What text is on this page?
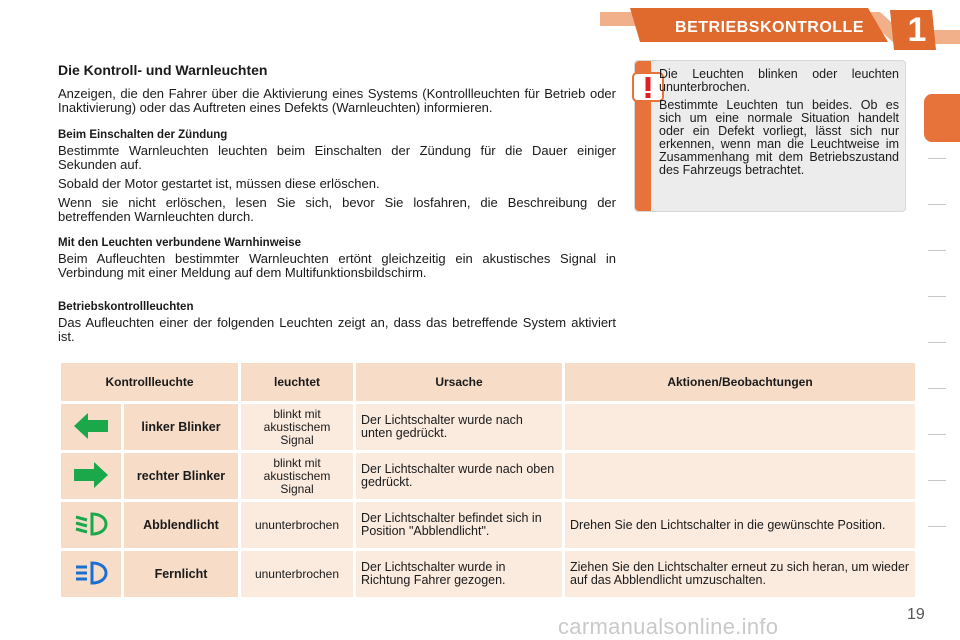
BETRIEBSKONTROLLE	1

Die Kontroll- und Warnleuchten

Anzeigen, die den Fahrer über die Aktivierung eines Systems (Kontrollleuchten für Betrieb oder Inaktivierung) oder das Auftreten eines Defekts (Warnleuchten) informieren.

Beim Einschalten der Zündung

Bestimmte Warnleuchten leuchten beim Einschalten der Zündung für die Dauer einiger Sekunden auf.

Sobald der Motor gestartet ist, müssen diese erlöschen.

Wenn sie nicht erlöschen, lesen Sie sich, bevor Sie losfahren, die Beschreibung der betreffenden Warnleuchten durch.

Mit den Leuchten verbundene Warnhinweise

Beim Aufleuchten bestimmter Warnleuchten ertönt gleichzeitig ein akustisches Signal in Verbindung mit einer Meldung auf dem Multifunktionsbildschirm.

Betriebskontrollleuchten

Das Aufleuchten einer der folgenden Leuchten zeigt an, dass das betreffende System aktiviert ist.

Die Leuchten blinken oder leuchten ununterbrochen.

Bestimmte Leuchten tun beides. Ob es sich um eine normale Situation handelt oder ein Defekt vorliegt, lässt sich nur erkennen, wenn man die Leuchtweise im Zusammenhang mit dem Betriebszustand des Fahrzeugs betrachtet.

Kontrollleuchte		leuchtet	Ursache	Aktionen/Beobachtungen
	linker Blinker	blinkt mit akustischem Signal	Der Lichtschalter wurde nach unten gedrückt.	
	rechter Blinker	blinkt mit akustischem Signal	Der Lichtschalter wurde nach oben gedrückt.	
	Abblendlicht	ununterbrochen	Der Lichtschalter befindet sich in Position "Abblendlicht".	Drehen Sie den Lichtschalter in die gewünschte Position.
	Fernlicht	ununterbrochen	Der Lichtschalter wurde in Richtung Fahrer gezogen.	Ziehen Sie den Lichtschalter erneut zu sich heran, um wieder auf das Abblendlicht umzuschalten.
19
carmanualsonline.info
